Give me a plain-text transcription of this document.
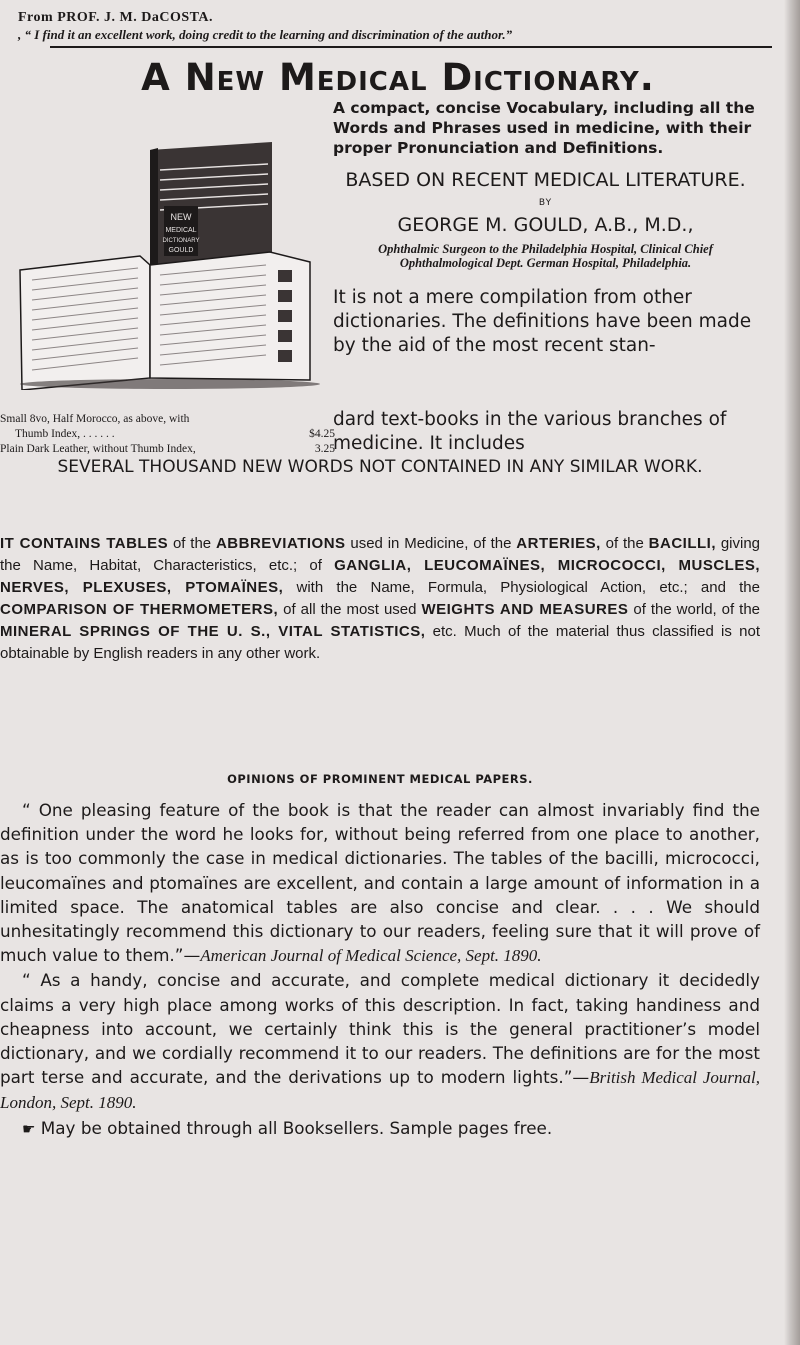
From PROF. J. M. DaCOSTA.

, “ I find it an excellent work, doing credit to the learning and discrimination of the author.”

A New Medical Dictionary.
NEW
MEDICAL
DICTIONARY
GOULD

A compact, concise Vocabulary, including all the Words and Phrases used in medicine, with their proper Pronunciation and Definitions.

BASED ON RECENT MEDICAL LITERATURE.

BY

GEORGE M. GOULD, A.B., M.D.,

Ophthalmic Surgeon to the Philadelphia Hospital, Clinical Chief Ophthalmological Dept. German Hospital, Philadelphia.

It is not a mere compilation from other dictionaries. The definitions have been made by the aid of the most recent stan-

dard text-books in the various branches of medicine. It includes

Small 8vo, Half Morocco, as above, with
Thumb Index, . . . . . .	$4.25
Plain Dark Leather, without Thumb Index,	3.25
SEVERAL THOUSAND NEW WORDS NOT CONTAINED IN ANY SIMILAR WORK.

IT CONTAINS TABLES of the ABBREVIATIONS used in Medicine, of the ARTERIES, of the BACILLI, giving the Name, Habitat, Characteristics, etc.; of GANGLIA, LEUCOMAÏNES, MICROCOCCI, MUSCLES, NERVES, PLEXUSES, PTOMAÏNES, with the Name, Formula, Physiological Action, etc.; and the COMPARISON OF THERMOMETERS, of all the most used WEIGHTS AND MEASURES of the world, of the MINERAL SPRINGS OF THE U. S., VITAL STATISTICS, etc. Much of the material thus classified is not obtainable by English readers in any other work.

OPINIONS OF PROMINENT MEDICAL PAPERS.

“ One pleasing feature of the book is that the reader can almost invariably find the definition under the word he looks for, without being referred from one place to another, as is too commonly the case in medical dictionaries. The tables of the bacilli, micrococci, leucomaïnes and ptomaïnes are excellent, and contain a large amount of information in a limited space. The anatomical tables are also concise and clear. . . . We should unhesitatingly recommend this dictionary to our readers, feeling sure that it will prove of much value to them.”—American Journal of Medical Science, Sept. 1890.

“ As a handy, concise and accurate, and complete medical dictionary it decidedly claims a very high place among works of this description. In fact, taking handiness and cheapness into account, we certainly think this is the general practitioner’s model dictionary, and we cordially recommend it to our readers. The definitions are for the most part terse and accurate, and the derivations up to modern lights.”—British Medical Journal, London, Sept. 1890.

☛ May be obtained through all Booksellers. Sample pages free.
